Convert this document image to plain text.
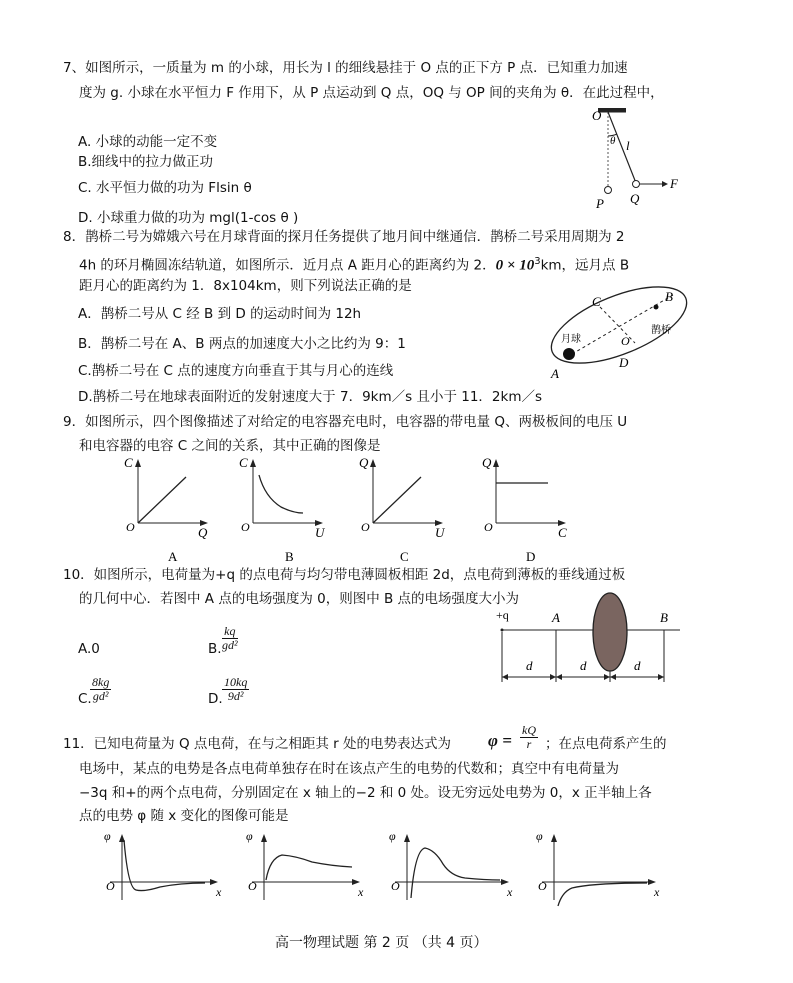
7、如图所示，一质量为 m 的小球，用长为 l 的细线悬挂于 O 点的正下方 P 点．已知重力加速
度为 g. 小球在水平恒力 F 作用下，从 P 点运动到 Q 点，OQ 与 OP 间的夹角为 θ．在此过程中，
A. 小球的动能一定不变
B.细线中的拉力做正功
C. 水平恒力做的功为 Flsin θ
D. 小球重力做的功为 mgl(1-cos θ )
O
θ l
P Q
F
8．鹊桥二号为嫦娥六号在月球背面的探月任务提供了地月间中继通信．鹊桥二号采用周期为 2
4h 的环月椭圆冻结轨道，如图所示．近月点 A 距月心的距离约为 2．$0 \times 10^3km$，远月点 B
距月心的距离约为 1．8x104km，则下列说法正确的是
A．鹊桥二号从 C 经 B 到 D 的运动时间为 12h
B．鹊桥二号在 A、B 两点的加速度大小之比约为 9：1
C.鹊桥二号在 C 点的速度方向垂直于其与月心的连线
D.鹊桥二号在地球表面附近的发射速度大于 7．9km／s 且小于 11．2km／s
C	B
O
D
A
月球
鹊桥
9．如图所示，四个图像描述了对给定的电容器充电时，电容器的带电量 Q、两极板间的电压 U
和电容器的电容 C 之间的关系，其中正确的图像是
C
O	Q
A
C
O	U
B
Q
O	U
C
Q
O	C
D
10．如图所示，电荷量为+q 的点电荷与均匀带电薄圆板相距 2d，点电荷到薄板的垂线通过板
的几何中心．若图中 A 点的电场强度为 0，则图中 B 点的电场强度大小为
A.0	B. $\frac{kq}{\text{gd²}}$
C.
$\frac{8kg}{\text{gd²}}$	D. $\frac{10kq}{\text{9d²}}$
+q	A	B
d	d	d
11．已知电荷量为 Q 点电荷，在与之相距其 r 处的电势表达式为 $\varphi = \frac{kQ}{r}$ ；在点电荷系产生的
电场中，某点的电势是各点电荷单独存在时在该点产生的电势的代数和；真空中有电荷量为
−3q 和+的两个点电荷，分别固定在 x 轴上的−2 和 0 处。设无穷远处电势为 0，x 正半轴上各
点的电势 φ 随 x 变化的图像可能是
φ
O	x
φ
O	x
φ
O	x
φ
O	x
高一物理试题 第 2 页 （共 4 页）
